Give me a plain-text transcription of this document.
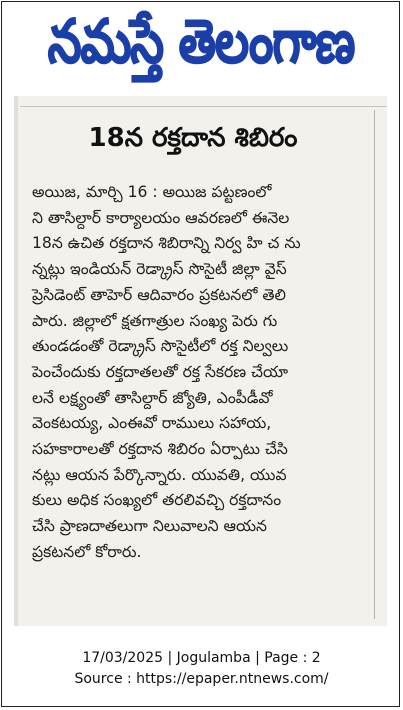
నమస్తే తెలంగాణ
18న రక్తదాన శిబిరం

అయిజ, మార్చి 16 : అయిజ పట్టణంలో
ని తాసిల్దార్ కార్యాలయం ఆవరణలో ఈనెల
18న ఉచిత రక్తదాన శిబిరాన్ని నిర్వ హి చ ను
న్నట్లు ఇండియన్ రెడ్క్రాస్ సొసైటీ జిల్లా వైస్
ప్రెసిడెంట్ తాహెర్ ఆదివారం ప్రకటనలో తెలి
పారు. జిల్లాలో క్షతగాత్రుల సంఖ్య పెరు గు
తుండడంతో రెడ్క్రాస్ సొసైటీలో రక్త నిల్వలు
పెంచేందుకు రక్తదాతలతో రక్త సేకరణ చేయా
లనే లక్ష్యంతో తాసిల్దార్ జ్యోతి, ఎంపీడీవో
వెంకటయ్య, ఎంఈవో రాములు సహాయ,
సహకారాలతో రక్తదాన శిబిరం ఏర్పాటు చేసి
నట్లు ఆయన పేర్కొన్నారు. యువతి, యువ
కులు అధిక సంఖ్యలో తరలివచ్చి రక్తదానం
చేసి ప్రాణదాతలుగా నిలువాలని ఆయన
ప్రకటనలో కోరారు.

17/03/2025 | Jogulamba | Page : 2
Source : https://epaper.ntnews.com/
